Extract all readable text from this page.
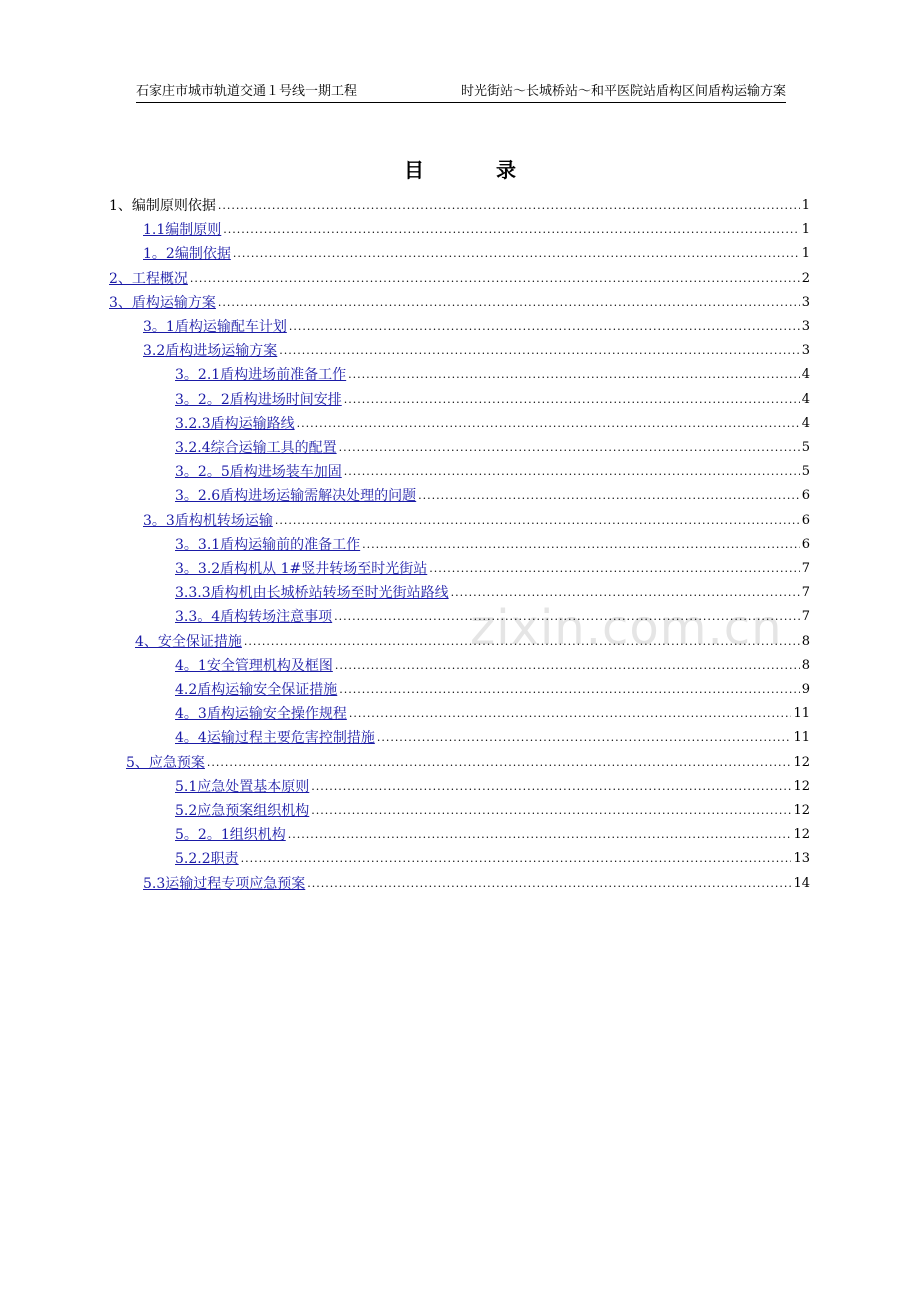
石家庄市城市轨道交通１号线一期工程	时光街站～长城桥站～和平医院站盾构区间盾构运输方案
目　录
zixin.com.cn
1、编制原则依据 .....	1
1.1编制原则 .....	1
1。2编制依据 .....	1
2、工程概况 .....	2
3、盾构运输方案 .....	3
3。1盾构运输配车计划 .....	3
3.2盾构进场运输方案 .....	3
3。2.1盾构进场前准备工作 .....	4
3。2。2盾构进场时间安排 .....	4
3.2.3盾构运输路线 .....	4
3.2.4综合运输工具的配置 .....	5
3。2。5盾构进场装车加固 .....	5
3。2.6盾构进场运输需解决处理的问题 .....	6
3。3盾构机转场运输 .....	6
3。3.1盾构运输前的准备工作 .....	6
3。3.2盾构机从 1#竖井转场至时光街站 .....	7
3.3.3盾构机由长城桥站转场至时光街站路线 .....	7
3.3。4盾构转场注意事项 .....	7
4、安全保证措施 .....	8
4。1安全管理机构及框图 .....	8
4.2盾构运输安全保证措施 .....	9
4。3盾构运输安全操作规程 .....	11
4。4运输过程主要危害控制措施 .....	11
5、应急预案 .....	12
5.1应急处置基本原则 .....	12
5.2应急预案组织机构 .....	12
5。2。1组织机构 .....	12
5.2.2职责 .....	13
5.3运输过程专项应急预案 .....	14
